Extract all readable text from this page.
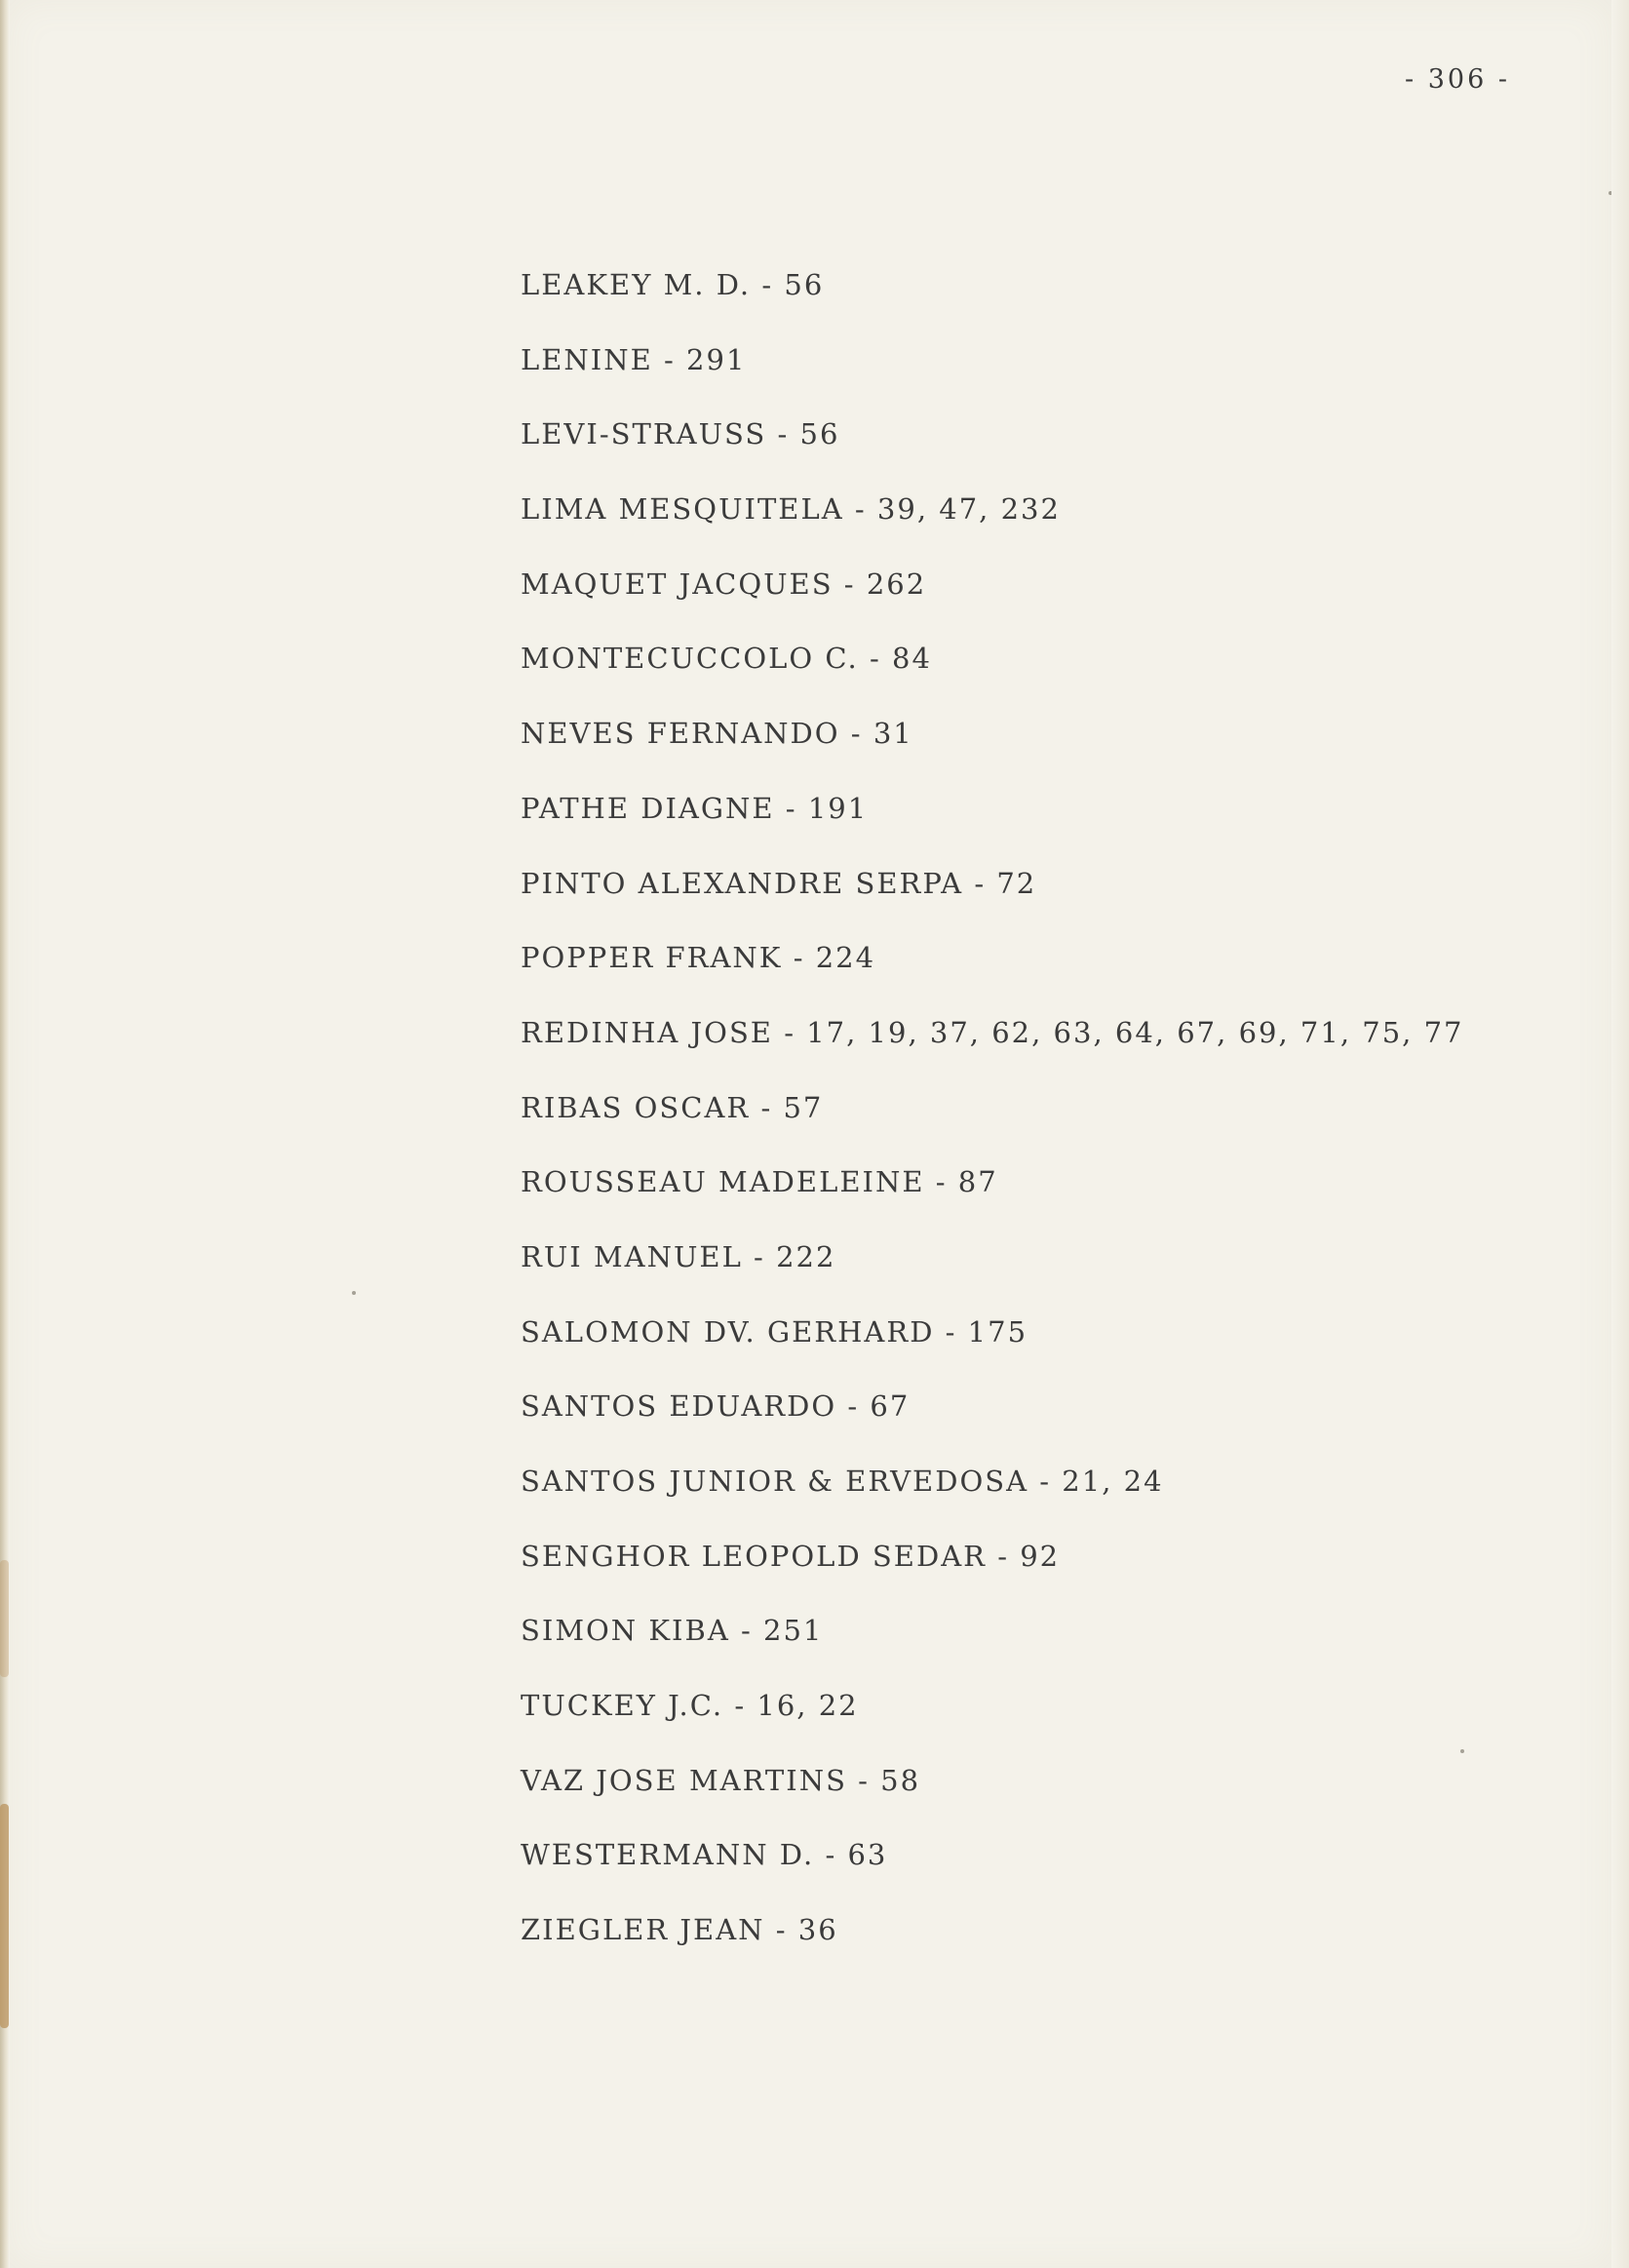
- 306 -
LEAKEY M. D. - 56
LENINE - 291
LEVI-STRAUSS - 56
LIMA MESQUITELA - 39, 47, 232
MAQUET JACQUES - 262
MONTECUCCOLO C. - 84
NEVES FERNANDO - 31
PATHE DIAGNE - 191
PINTO ALEXANDRE SERPA - 72
POPPER FRANK - 224
REDINHA JOSE - 17, 19, 37, 62, 63, 64, 67, 69, 71, 75, 77
RIBAS OSCAR - 57
ROUSSEAU MADELEINE - 87
RUI MANUEL - 222
SALOMON DV. GERHARD - 175
SANTOS EDUARDO - 67
SANTOS JUNIOR & ERVEDOSA - 21, 24
SENGHOR LEOPOLD SEDAR - 92
SIMON KIBA - 251
TUCKEY J.C. - 16, 22
VAZ JOSE MARTINS - 58
WESTERMANN D. - 63
ZIEGLER JEAN - 36
